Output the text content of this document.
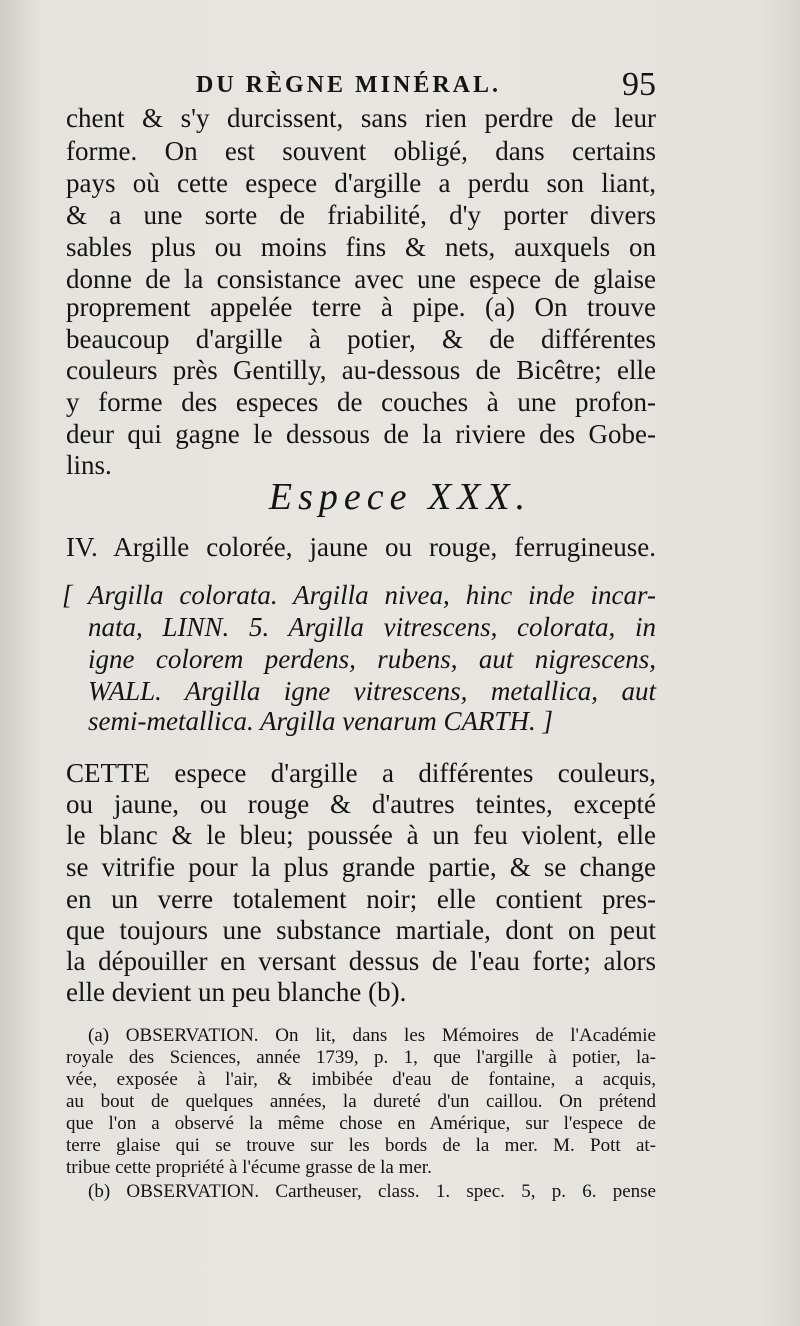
DU RÈGNE MINÉRAL.	95
chent & s'y durcissent, sans rien perdre de leur
forme. On est souvent obligé, dans certains
pays où cette espece d'argille a perdu son liant,
& a une sorte de friabilité, d'y porter divers
sables plus ou moins fins & nets, auxquels on
donne de la consistance avec une espece de glaise
proprement appelée terre à pipe. (a) On trouve
beaucoup d'argille à potier, & de différentes
couleurs près Gentilly, au-dessous de Bicêtre; elle
y forme des especes de couches à une profon-
deur qui gagne le dessous de la riviere des Gobe-
lins.
Espece XXX.
IV. Argille colorée, jaune ou rouge, ferrugineuse.
[ Argilla colorata. Argilla nivea, hinc inde incar-
nata, LINN. 5. Argilla vitrescens, colorata, in
igne colorem perdens, rubens, aut nigrescens,
WALL. Argilla igne vitrescens, metallica, aut
semi-metallica. Argilla venarum CARTH. ]
CETTE espece d'argille a différentes couleurs,
ou jaune, ou rouge & d'autres teintes, excepté
le blanc & le bleu; poussée à un feu violent, elle
se vitrifie pour la plus grande partie, & se change
en un verre totalement noir; elle contient pres-
que toujours une substance martiale, dont on peut
la dépouiller en versant dessus de l'eau forte; alors
elle devient un peu blanche (b).
(a) OBSERVATION. On lit, dans les Mémoires de l'Académie
royale des Sciences, année 1739, p. 1, que l'argille à potier, la-
vée, exposée à l'air, & imbibée d'eau de fontaine, a acquis,
au bout de quelques années, la dureté d'un caillou. On prétend
que l'on a observé la même chose en Amérique, sur l'espece de
terre glaise qui se trouve sur les bords de la mer. M. Pott at-
tribue cette propriété à l'écume grasse de la mer.
(b) OBSERVATION. Cartheuser, class. 1. spec. 5, p. 6. pense
